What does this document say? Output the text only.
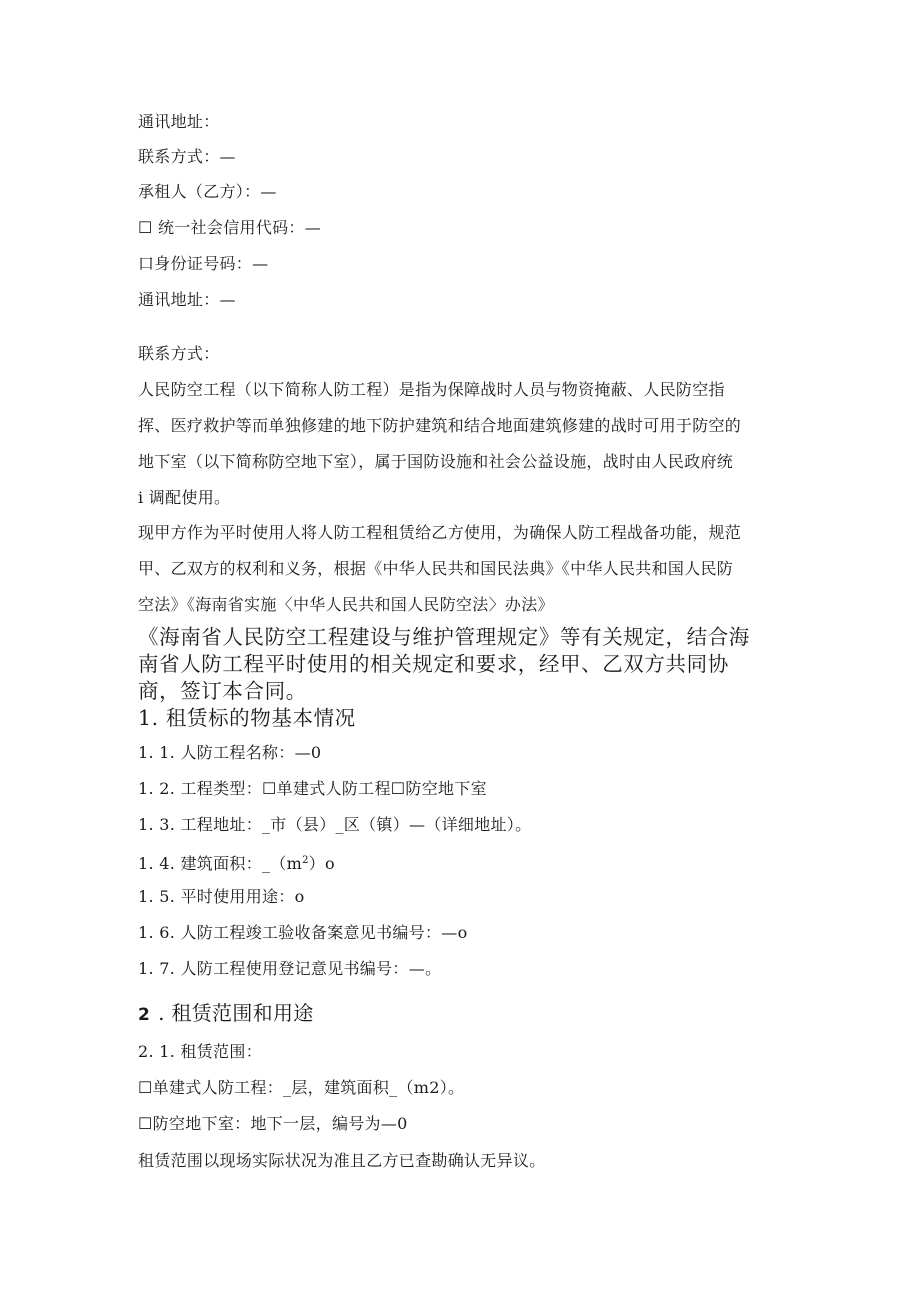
通讯地址：
联系方式：—
承租人（乙方）：—
☐ 统一社会信用代码：—
口身份证号码：—
通讯地址：—
联系方式：
人民防空工程（以下简称人防工程）是指为保障战时人员与物资掩蔽、人民防空指
挥、医疗救护等而单独修建的地下防护建筑和结合地面建筑修建的战时可用于防空的
地下室（以下简称防空地下室），属于国防设施和社会公益设施，战时由人民政府统
i 调配使用。
现甲方作为平时使用人将人防工程租赁给乙方使用，为确保人防工程战备功能，规范
甲、乙双方的权利和义务，根据《中华人民共和国民法典》《中华人民共和国人民防
空法》《海南省实施〈中华人民共和国人民防空法〉办法》
《海南省人民防空工程建设与维护管理规定》等有关规定，结合海
南省人防工程平时使用的相关规定和要求，经甲、乙双方共同协
商，签订本合同。
1. 租赁标的物基本情况
1. 1. 人防工程名称：—0
1. 2. 工程类型：☐单建式人防工程☐防空地下室
1. 3. 工程地址：_市（县）_区（镇）—（详细地址）。
1. 4. 建筑面积：$\_(m^2)o$
1. 5. 平时使用用途：o
1. 6. 人防工程竣工验收备案意见书编号：—o
1. 7. 人防工程使用登记意见书编号：—。
2 . 租赁范围和用途
2. 1. 租赁范围：
☐单建式人防工程：_层，建筑面积_（m2）。
☐防空地下室：地下一层，编号为—0
租赁范围以现场实际状况为准且乙方已查勘确认无异议。
